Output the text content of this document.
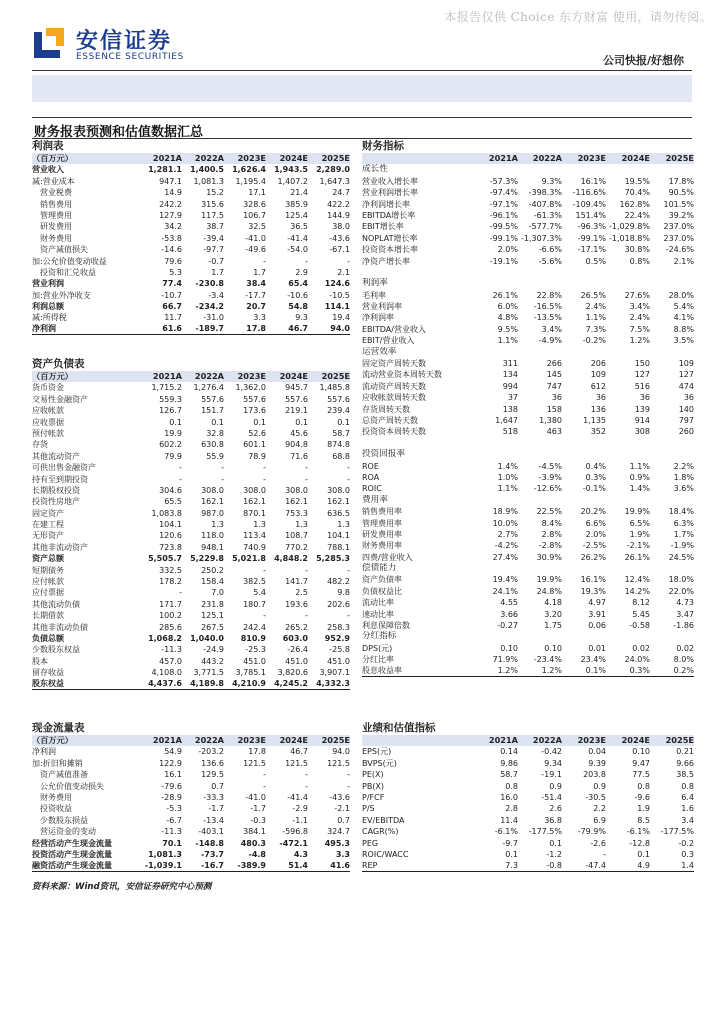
本报告仅供 Choice 东方财富 使用，请勿传阅。
安信证券
ESSENCE SECURITIES	公司快报/好想你
财务报表预测和估值数据汇总
利润表
（百万元）	2021A	2022A	2023E	2024E	2025E
营业收入	1,281.1	1,400.5	1,626.4	1,943.5	2,289.0
减:营业成本	947.1	1,081.3	1,195.4	1,407.2	1,647.3
　营业税费	14.9	15.2	17.1	21.4	24.7
　销售费用	242.2	315.6	328.6	385.9	422.2
　管理费用	127.9	117.5	106.7	125.4	144.9
　研发费用	34.2	38.7	32.5	36.5	38.0
　财务费用	-53.8	-39.4	-41.0	-41.4	-43.6
　资产减值损失	-14.6	-97.7	-49.6	-54.0	-67.1
加:公允价值变动收益	79.6	-0.7	-	-	-
　投资和汇兑收益	5.3	1.7	1.7	2.9	2.1
营业利润	77.4	-230.8	38.4	65.4	124.6
加:营业外净收支	-10.7	-3.4	-17.7	-10.6	-10.5
利润总额	66.7	-234.2	20.7	54.8	114.1
减:所得税	11.7	-31.0	3.3	9.3	19.4
净利润	61.6	-189.7	17.8	46.7	94.0
资产负债表
（百万元）	2021A	2022A	2023E	2024E	2025E
货币资金	1,715.2	1,276.4	1,362.0	945.7	1,485.8
交易性金融资产	559.3	557.6	557.6	557.6	557.6
应收帐款	126.7	151.7	173.6	219.1	239.4
应收票据	0.1	0.1	0.1	0.1	0.1
预付帐款	19.9	32.8	52.6	45.6	58.7
存货	602.2	630.8	601.1	904.8	874.8
其他流动资产	79.9	55.9	78.9	71.6	68.8
可供出售金融资产	-	-	-	-	-
持有至到期投资	-	-	-	-	-
长期股权投资	304.6	308.0	308.0	308.0	308.0
投资性房地产	65.5	162.1	162.1	162.1	162.1
固定资产	1,083.8	987.0	870.1	753.3	636.5
在建工程	104.1	1.3	1.3	1.3	1.3
无形资产	120.6	118.0	113.4	108.7	104.1
其他非流动资产	723.8	948.1	740.9	770.2	788.1
资产总额	5,505.7	5,229.8	5,021.8	4,848.2	5,285.3
短期债务	332.5	250.2	-	-	-
应付帐款	178.2	158.4	382.5	141.7	482.2
应付票据	-	7.0	5.4	2.5	9.8
其他流动负债	171.7	231.8	180.7	193.6	202.6
长期借款	100.2	125.1	-	-	-
其他非流动负债	285.6	267.5	242.4	265.2	258.3
负债总额	1,068.2	1,040.0	810.9	603.0	952.9
少数股东权益	-11.3	-24.9	-25.3	-26.4	-25.8
股本	457.0	443.2	451.0	451.0	451.0
留存收益	4,108.0	3,771.5	3,785.1	3,820.6	3,907.1
股东权益	4,437.6	4,189.8	4,210.9	4,245.2	4,332.3
财务指标
2021A	2022A	2023E	2024E	2025E
成长性
营业收入增长率	-57.3%	9.3%	16.1%	19.5%	17.8%
营业利润增长率	-97.4%	-398.3%	-116.6%	70.4%	90.5%
净利润增长率	-97.1%	-407.8%	-109.4%	162.8%	101.5%
EBITDA增长率	-96.1%	-61.3%	151.4%	22.4%	39.2%
EBIT增长率	-99.5%	-577.7%	-96.3% -1,029.8%	237.0%
NOPLAT增长率	-99.1% -1,307.3%	-99.1% -1,018.8%	237.0%
投资资本增长率	2.0%	-6.6%	-17.1%	30.8%	-24.6%
净资产增长率	-19.1%	-5.6%	0.5%	0.8%	2.1%
利润率
毛利率	26.1%	22.8%	26.5%	27.6%	28.0%
营业利润率	6.0%	-16.5%	2.4%	3.4%	5.4%
净利润率	4.8%	-13.5%	1.1%	2.4%	4.1%
EBITDA/营业收入	9.5%	3.4%	7.3%	7.5%	8.8%
EBIT/营业收入	1.1%	-4.9%	-0.2%	1.2%	3.5%
运营效率
固定资产周转天数	311	266	206	150	109
流动营业资本周转天数	134	145	109	127	127
流动资产周转天数	994	747	612	516	474
应收帐款周转天数	37	36	36	36	36
存货周转天数	138	158	136	139	140
总资产周转天数	1,647	1,380	1,135	914	797
投资资本周转天数	518	463	352	308	260
投资回报率
ROE	1.4%	-4.5%	0.4%	1.1%	2.2%
ROA	1.0%	-3.9%	0.3%	0.9%	1.8%
ROIC	1.1%	-12.6%	-0.1%	1.4%	3.6%
费用率
销售费用率	18.9%	22.5%	20.2%	19.9%	18.4%
管理费用率	10.0%	8.4%	6.6%	6.5%	6.3%
研发费用率	2.7%	2.8%	2.0%	1.9%	1.7%
财务费用率	-4.2%	-2.8%	-2.5%	-2.1%	-1.9%
四费/营业收入	27.4%	30.9%	26.2%	26.1%	24.5%
偿债能力
资产负债率	19.4%	19.9%	16.1%	12.4%	18.0%
负债权益比	24.1%	24.8%	19.3%	14.2%	22.0%
流动比率	4.55	4.18	4.97	8.12	4.73
速动比率	3.66	3.20	3.91	5.45	3.47
利息保障倍数	-0.27	1.75	0.06	-0.58	-1.86
分红指标
DPS(元)	0.10	0.10	0.01	0.02	0.02
分红比率	71.9%	-23.4%	23.4%	24.0%	8.0%
股息收益率	1.2%	1.2%	0.1%	0.3%	0.2%
现金流量表
（百万元）	2021A	2022A	2023E	2024E	2025E
净利润	54.9	-203.2	17.8	46.7	94.0
加:折旧和摊销	122.9	136.6	121.5	121.5	121.5
　资产减值准备	16.1	129.5	-	-	-
　公允价值变动损失	-79.6	0.7	-	-	-
　财务费用	-28.9	-33.3	-41.0	-41.4	-43.6
　投资收益	-5.3	-1.7	-1.7	-2.9	-2.1
　少数股东损益	-6.7	-13.4	-0.3	-1.1	0.7
　营运资金的变动	-11.3	-403.1	384.1	-596.8	324.7
经营活动产生现金流量	70.1	-148.8	480.3	-472.1	495.3
投资活动产生现金流量	1,081.3	-73.7	-4.8	4.3	3.3
融资活动产生现金流量	-1,039.1	-16.7	-389.9	51.4	41.6
业绩和估值指标
2021A	2022A	2023E	2024E	2025E
EPS(元)	0.14	-0.42	0.04	0.10	0.21
BVPS(元)	9.86	9.34	9.39	9.47	9.66
PE(X)	58.7	-19.1	203.8	77.5	38.5
PB(X)	0.8	0.9	0.9	0.8	0.8
P/FCF	16.0	-51.4	-30.5	-9.6	6.4
P/S	2.8	2.6	2.2	1.9	1.6
EV/EBITDA	11.4	36.8	6.9	8.5	3.4
CAGR(%)	-6.1%	-177.5%	-79.9%	-6.1%	-177.5%
PEG	-9.7	0.1	-2.6	-12.8	-0.2
ROIC/WACC	0.1	-1.2	-	0.1	0.3
REP	7.3	-0.8	-47.4	4.9	1.4
资料来源：Wind资讯，安信证券研究中心预测
